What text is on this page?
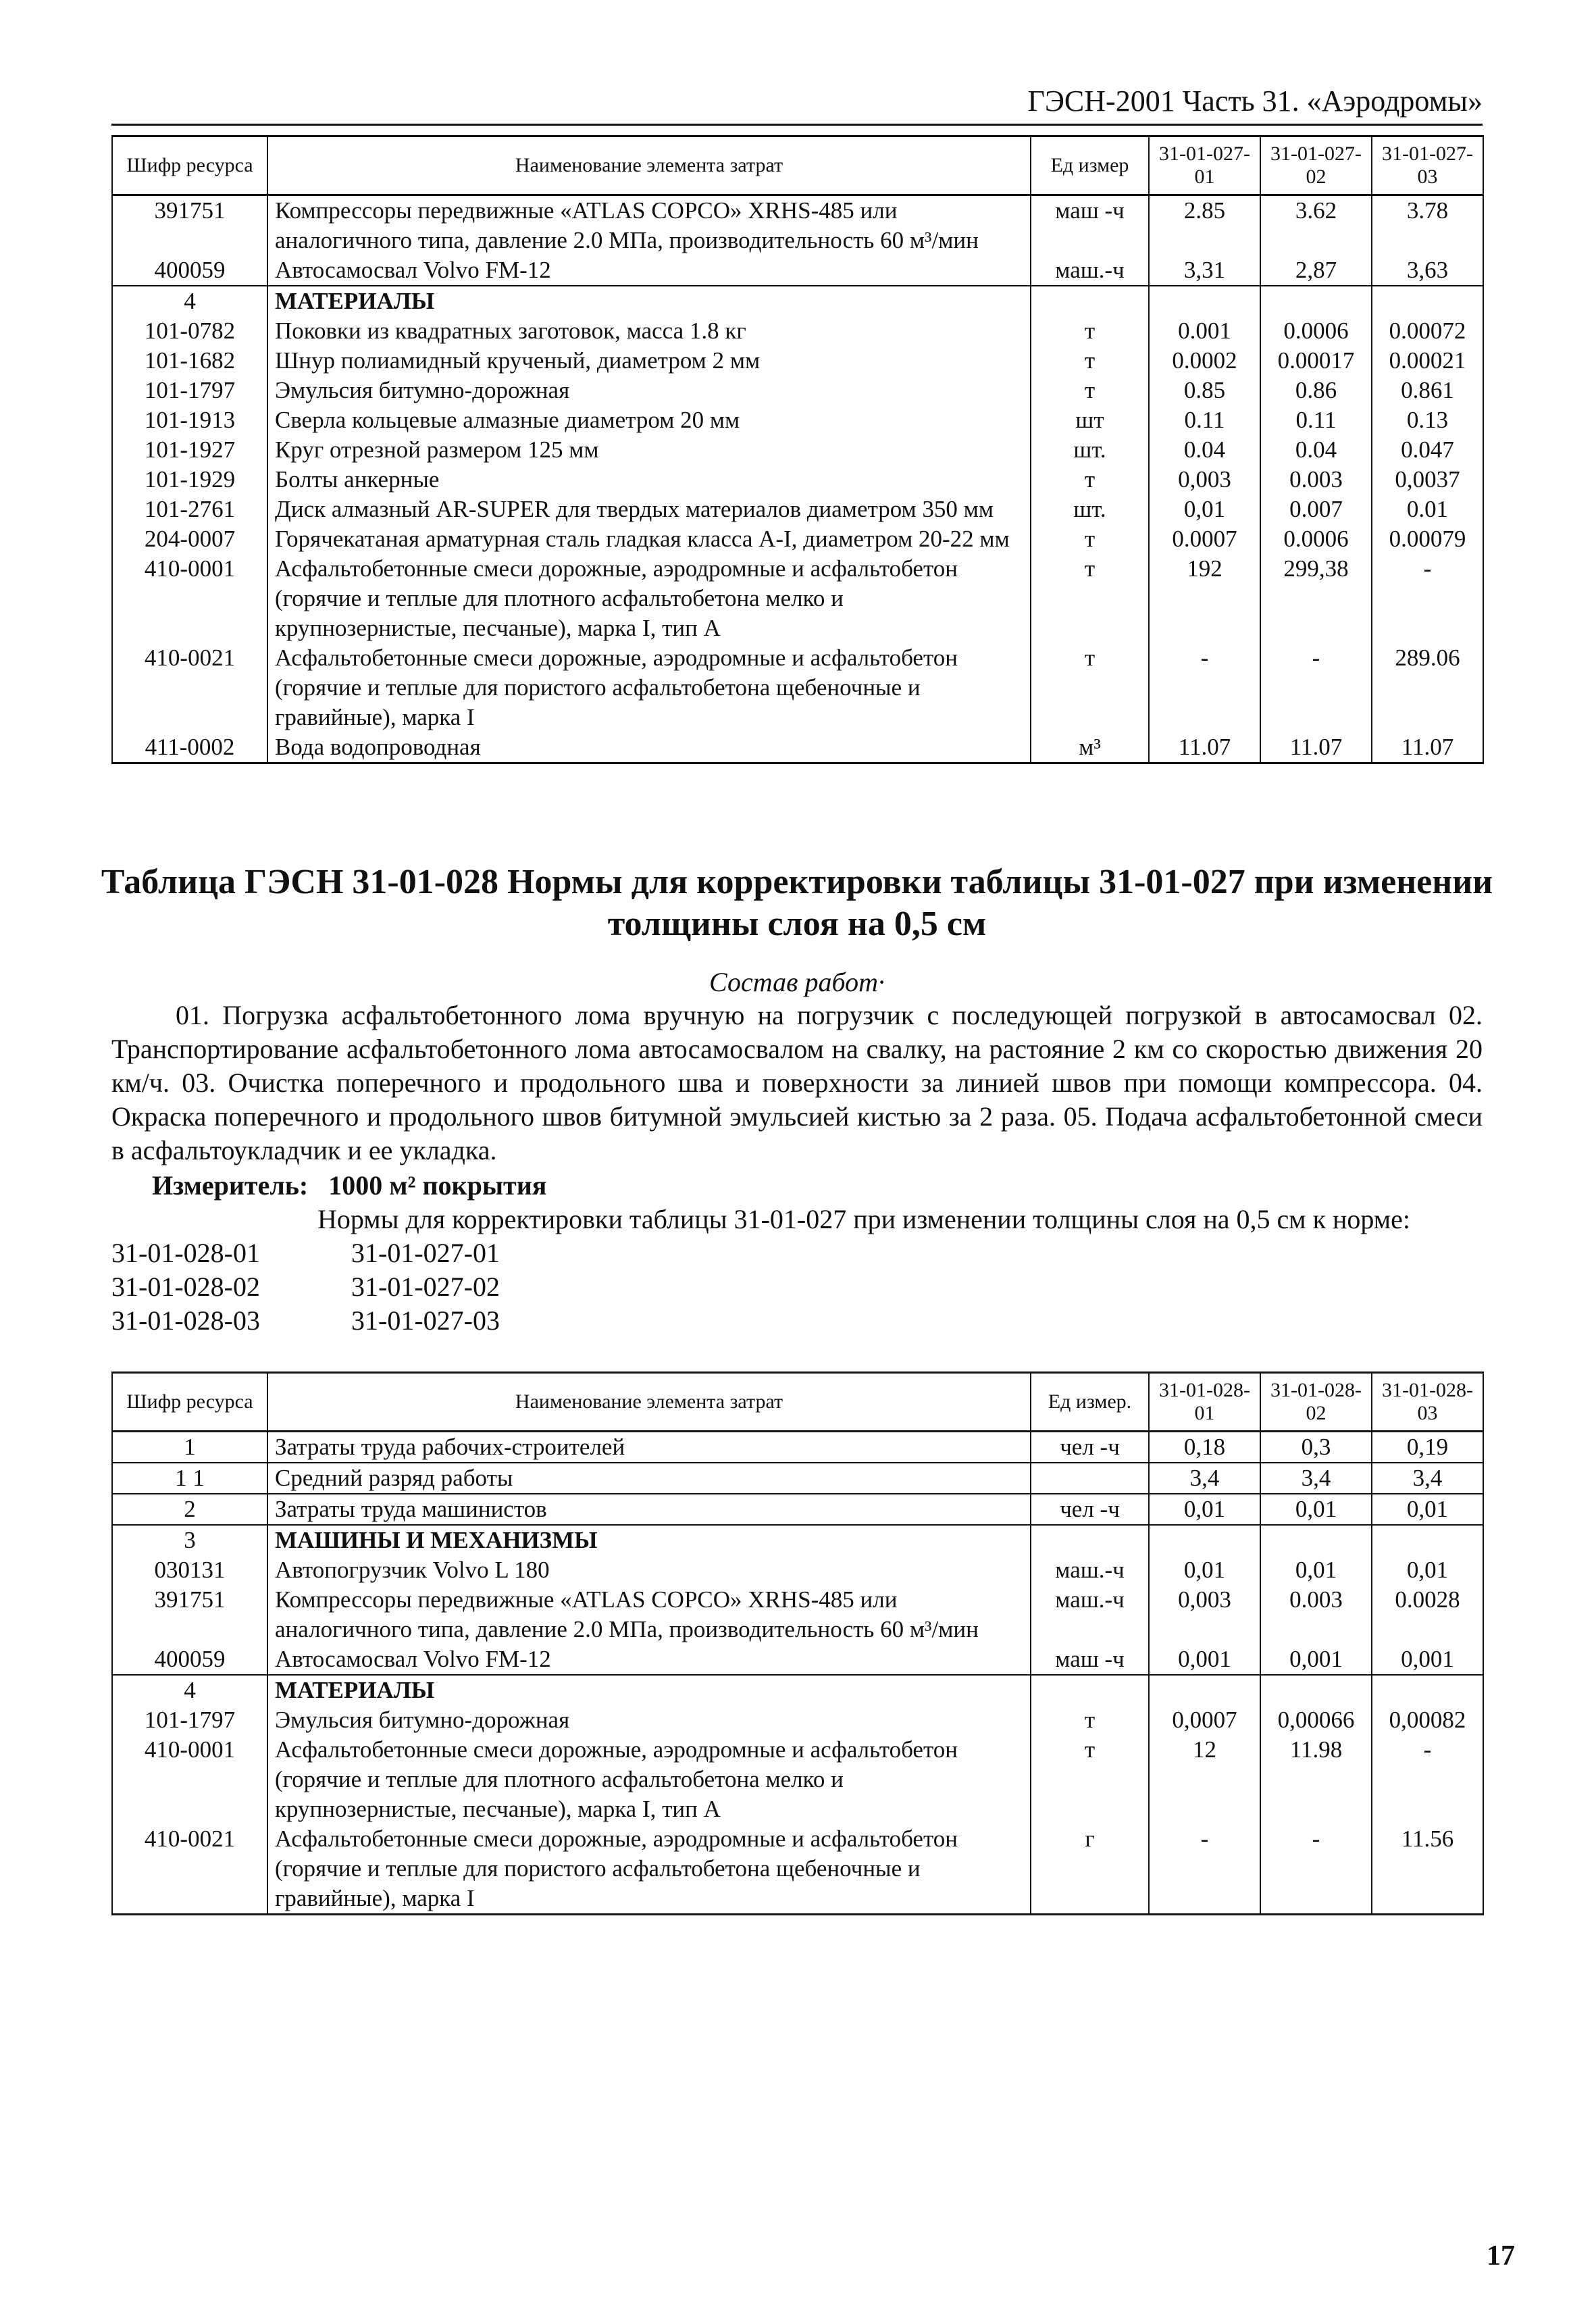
ГЭСН-2001 Часть 31. «Аэродромы»
Шифр ресурса	Наименование элемента затрат	Ед измер	31-01-027-01	31-01-027-02	31-01-027-03
391751	Компрессоры передвижные «ATLAS COPCO» XRHS-485 или аналогичного типа, давление 2.0 МПа, производительность 60 м³/мин	маш -ч	2.85	3.62	3.78
400059	Автосамосвал Volvo FM-12	маш.-ч	3,31	2,87	3,63
4	МАТЕРИАЛЫ				
101-0782	Поковки из квадратных заготовок, масса 1.8 кг	т	0.001	0.0006	0.00072
101-1682	Шнур полиамидный крученый, диаметром 2 мм	т	0.0002	0.00017	0.00021
101-1797	Эмульсия битумно-дорожная	т	0.85	0.86	0.861
101-1913	Сверла кольцевые алмазные диаметром 20 мм	шт	0.11	0.11	0.13
101-1927	Круг отрезной размером 125 мм	шт.	0.04	0.04	0.047
101-1929	Болты анкерные	т	0,003	0.003	0,0037
101-2761	Диск алмазный AR-SUPER для твердых материалов диаметром 350 мм	шт.	0,01	0.007	0.01
204-0007	Горячекатаная арматурная сталь гладкая класса А-I, диаметром 20-22 мм	т	0.0007	0.0006	0.00079
410-0001	Асфальтобетонные смеси дорожные, аэродромные и асфальтобетон (горячие и теплые для плотного асфальтобетона мелко и крупнозернистые, песчаные), марка I, тип А	т	192	299,38	-
410-0021	Асфальтобетонные смеси дорожные, аэродромные и асфальтобетон (горячие и теплые для пористого асфальтобетона щебеночные и гравийные), марка I	т	-	-	289.06
411-0002	Вода водопроводная	м³	11.07	11.07	11.07
Таблица ГЭСН 31-01-028 Нормы для корректировки таблицы 31-01-027 при изменении
толщины слоя на 0,5 см
Состав работ·
01. Погрузка асфальтобетонного лома вручную на погрузчик с последующей погрузкой в автосамосвал 02. Транспортирование асфальтобетонного лома автосамосвалом на свалку, на растояние 2 км со скоростью движения 20 км/ч. 03. Очистка поперечного и продольного шва и поверхности за линией швов при помощи компрессора. 04. Окраска поперечного и продольного швов битумной эмульсией кистью за 2 раза. 05. Подача асфальтобетонной смеси в асфальтоукладчик и ее укладка.
Измеритель: 1000 м² покрытия
Нормы для корректировки таблицы 31-01-027 при изменении толщины слоя на 0,5 см к норме:
31-01-028-01	31-01-027-01
31-01-028-02	31-01-027-02
31-01-028-03	31-01-027-03
Шифр ресурса	Наименование элемента затрат	Ед измер.	31-01-028-01	31-01-028-02	31-01-028-03
1	Затраты труда рабочих-строителей	чел -ч	0,18	0,3	0,19
1 1	Средний разряд работы		3,4	3,4	3,4
2	Затраты труда машинистов	чел -ч	0,01	0,01	0,01
3	МАШИНЫ И МЕХАНИЗМЫ				
030131	Автопогрузчик Volvo L 180	маш.-ч	0,01	0,01	0,01
391751	Компрессоры передвижные «ATLAS COPCO» XRHS-485 или аналогичного типа, давление 2.0 МПа, производительность 60 м³/мин	маш.-ч	0,003	0.003	0.0028
400059	Автосамосвал Volvo FM-12	маш -ч	0,001	0,001	0,001
4	МАТЕРИАЛЫ				
101-1797	Эмульсия битумно-дорожная	т	0,0007	0,00066	0,00082
410-0001	Асфальтобетонные смеси дорожные, аэродромные и асфальтобетон (горячие и теплые для плотного асфальтобетона мелко и крупнозернистые, песчаные), марка I, тип А	т	12	11.98	-
410-0021	Асфальтобетонные смеси дорожные, аэродромные и асфальтобетон (горячие и теплые для пористого асфальтобетона щебеночные и гравийные), марка I	г	-	-	11.56
17
